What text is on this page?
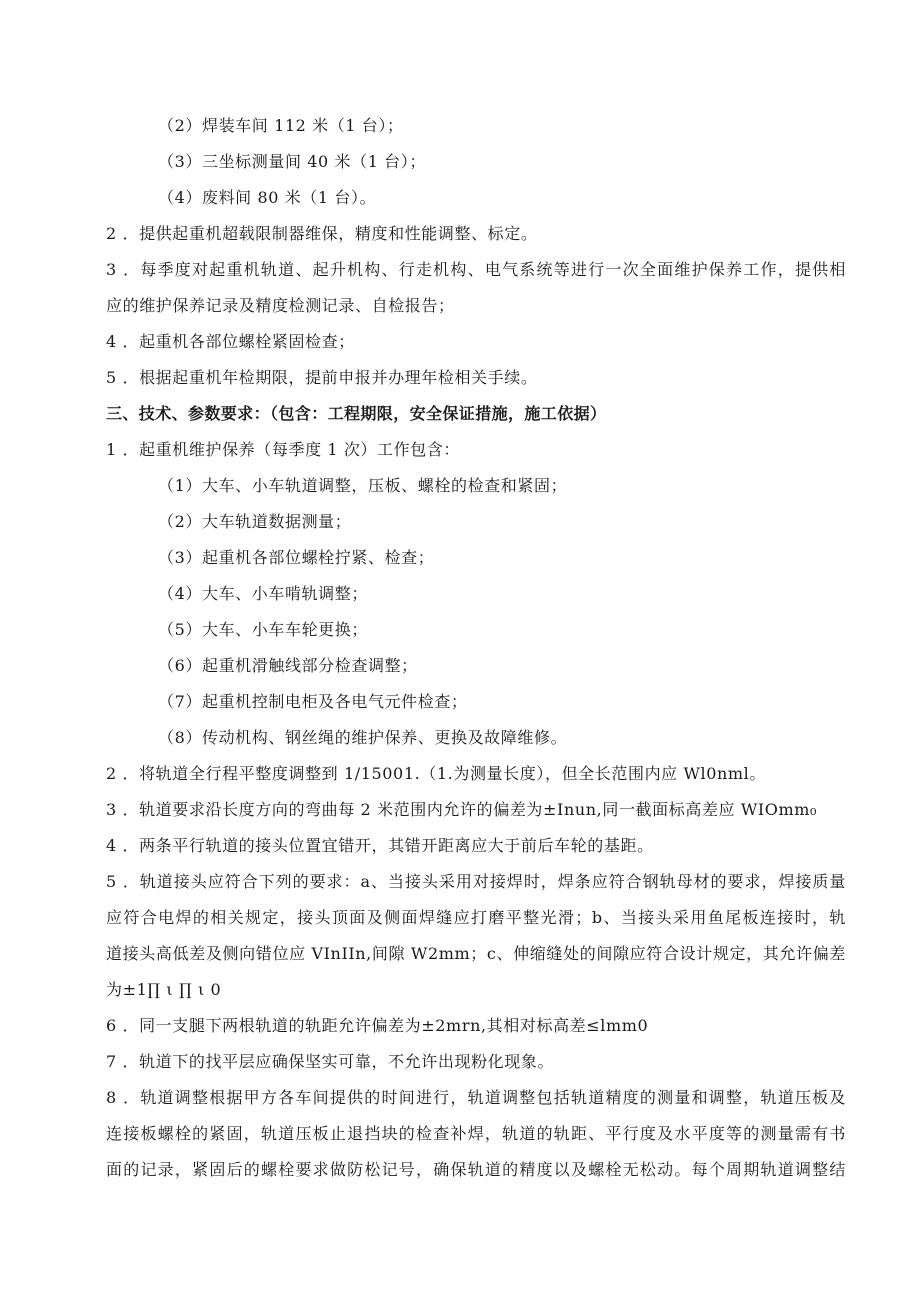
（2）焊装车间 112 米（1 台）；
（3）三坐标测量间 40 米（1 台）；
（4）废料间 80 米（1 台）。
2 ．提供起重机超载限制器维保，精度和性能调整、标定。
3 ．每季度对起重机轨道、起升机构、行走机构、电气系统等进行一次全面维护保养工作，提供相
应的维护保养记录及精度检测记录、自检报告；
4 ．起重机各部位螺栓紧固检查；
5 ．根据起重机年检期限，提前申报并办理年检相关手续。
三、技术、参数要求：（包含：工程期限，安全保证措施，施工依据）
1 ．起重机维护保养（每季度 1 次）工作包含：
（1）大车、小车轨道调整，压板、螺栓的检查和紧固；
（2）大车轨道数据测量；
（3）起重机各部位螺栓拧紧、检查；
（4）大车、小车啃轨调整；
（5）大车、小车车轮更换；
（6）起重机滑触线部分检查调整；
（7）起重机控制电柜及各电气元件检查；
（8）传动机构、钢丝绳的维护保养、更换及故障维修。
2 ．将轨道全行程平整度调整到 1/15001.（1.为测量长度），但全长范围内应 Wl0nml。
3 ．轨道要求沿长度方向的弯曲每 2 米范围内允许的偏差为±Inun,同一截面标高差应 WIOmm₀
4 ．两条平行轨道的接头位置宜错开，其错开距离应大于前后车轮的基距。
5 ．轨道接头应符合下列的要求：a、当接头采用对接焊时，焊条应符合钢轨母材的要求，焊接质量
应符合电焊的相关规定，接头顶面及侧面焊缝应打磨平整光滑；b、当接头采用鱼尾板连接时，轨
道接头高低差及侧向错位应 VInIIn,间隙 W2mm；c、伸缩缝处的间隙应符合设计规定，其允许偏差
为±1∏ ι ∏ ι 0
6 ．同一支腿下两根轨道的轨距允许偏差为±2mrn,其相对标高差≤lmm0
7 ．轨道下的找平层应确保坚实可靠，不允许出现粉化现象。
8 ．轨道调整根据甲方各车间提供的时间进行，轨道调整包括轨道精度的测量和调整，轨道压板及
连接板螺栓的紧固，轨道压板止退挡块的检查补焊，轨道的轨距、平行度及水平度等的测量需有书
面的记录，紧固后的螺栓要求做防松记号，确保轨道的精度以及螺栓无松动。每个周期轨道调整结
